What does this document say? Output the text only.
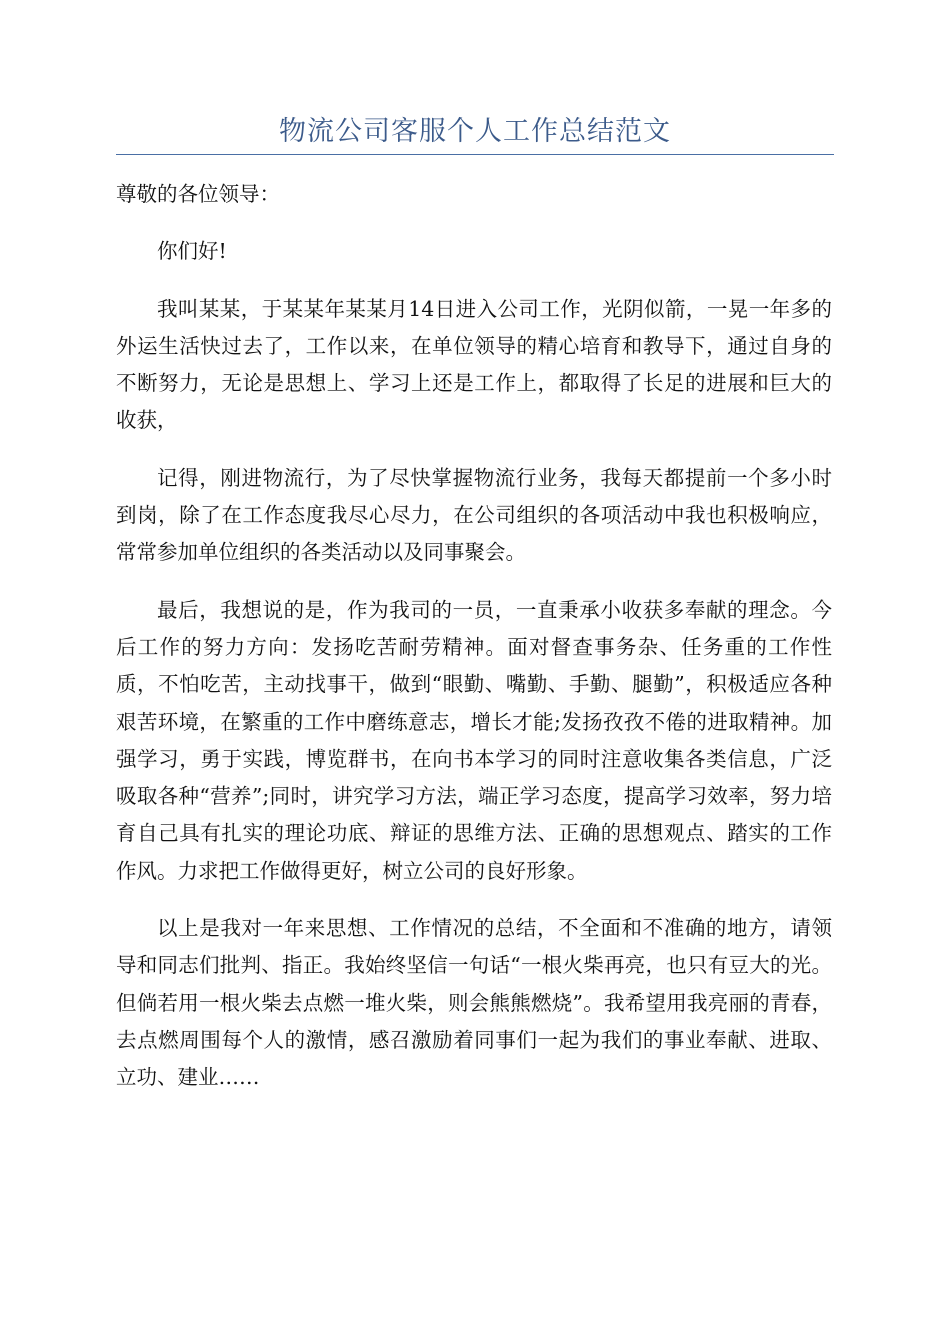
物流公司客服个人工作总结范文

尊敬的各位领导：

你们好!

我叫某某，于某某年某某月14日进入公司工作，光阴似箭，一晃一年多的外运生活快过去了，工作以来，在单位领导的精心培育和教导下，通过自身的不断努力，无论是思想上、学习上还是工作上，都取得了长足的进展和巨大的收获，

记得，刚进物流行，为了尽快掌握物流行业务，我每天都提前一个多小时到岗，除了在工作态度我尽心尽力，在公司组织的各项活动中我也积极响应，常常参加单位组织的各类活动以及同事聚会。

最后，我想说的是，作为我司的一员，一直秉承小收获多奉献的理念。今后工作的努力方向：发扬吃苦耐劳精神。面对督查事务杂、任务重的工作性质，不怕吃苦，主动找事干，做到“眼勤、嘴勤、手勤、腿勤”，积极适应各种艰苦环境，在繁重的工作中磨练意志，增长才能;发扬孜孜不倦的进取精神。加强学习，勇于实践，博览群书，在向书本学习的同时注意收集各类信息，广泛吸取各种“营养”;同时，讲究学习方法，端正学习态度，提高学习效率，努力培育自己具有扎实的理论功底、辩证的思维方法、正确的思想观点、踏实的工作作风。力求把工作做得更好，树立公司的良好形象。

以上是我对一年来思想、工作情况的总结，不全面和不准确的地方，请领导和同志们批判、指正。我始终坚信一句话“一根火柴再亮，也只有豆大的光。但倘若用一根火柴去点燃一堆火柴，则会熊熊燃烧”。我希望用我亮丽的青春，去点燃周围每个人的激情，感召激励着同事们一起为我们的事业奉献、进取、立功、建业……
